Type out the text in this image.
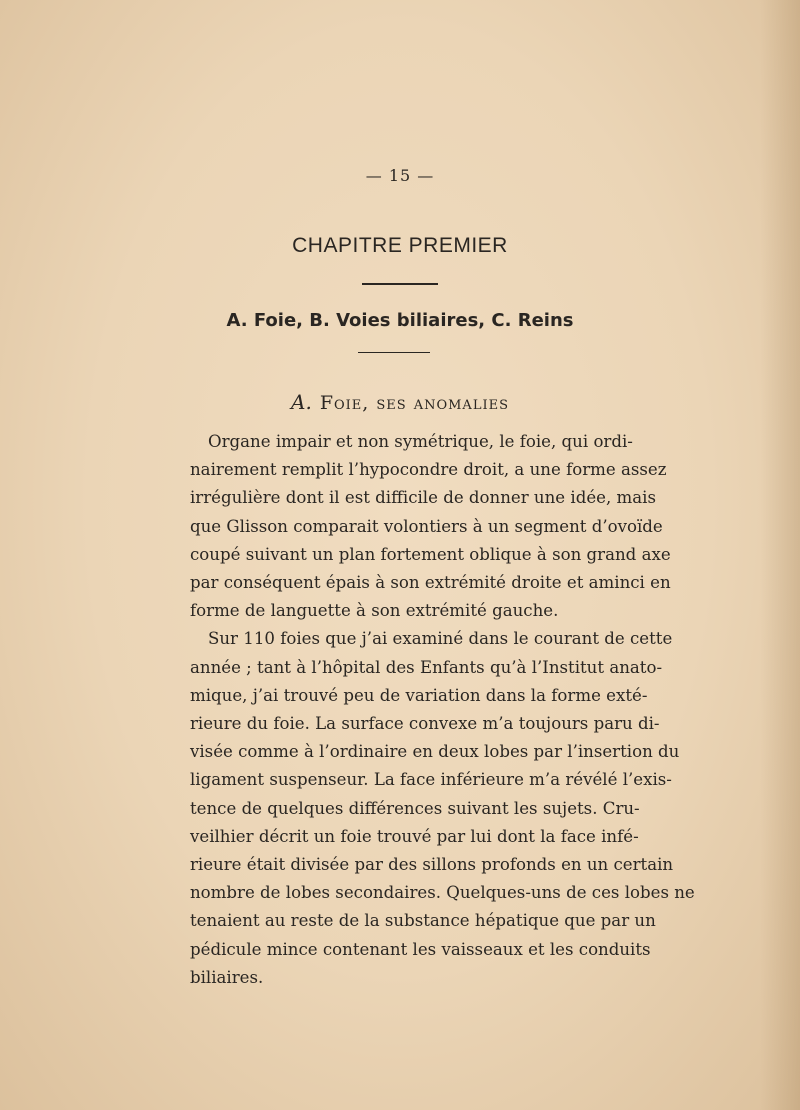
— 15 —
CHAPITRE PREMIER
A. Foie, B. Voies biliaires, C. Reins
A. Foie, ses anomalies
Organe impair et non symétrique, le foie, qui ordi-
nairement remplit l’hypocondre droit, a une forme assez
irrégulière dont il est difficile de donner une idée, mais
que Glisson comparait volontiers à un segment d’ovoïde
coupé suivant un plan fortement oblique à son grand axe
par conséquent épais à son extrémité droite et aminci en
forme de languette à son extrémité gauche.
Sur 110 foies que j’ai examiné dans le courant de cette
année ; tant à l’hôpital des Enfants qu’à l’Institut anato-
mique, j’ai trouvé peu de variation dans la forme exté-
rieure du foie. La surface convexe m’a toujours paru di-
visée comme à l’ordinaire en deux lobes par l’insertion du
ligament suspenseur. La face inférieure m’a révélé l’exis-
tence de quelques différences suivant les sujets. Cru-
veilhier décrit un foie trouvé par lui dont la face infé-
rieure était divisée par des sillons profonds en un certain
nombre de lobes secondaires. Quelques-uns de ces lobes ne
tenaient au reste de la substance hépatique que par un
pédicule mince contenant les vaisseaux et les conduits
biliaires.
